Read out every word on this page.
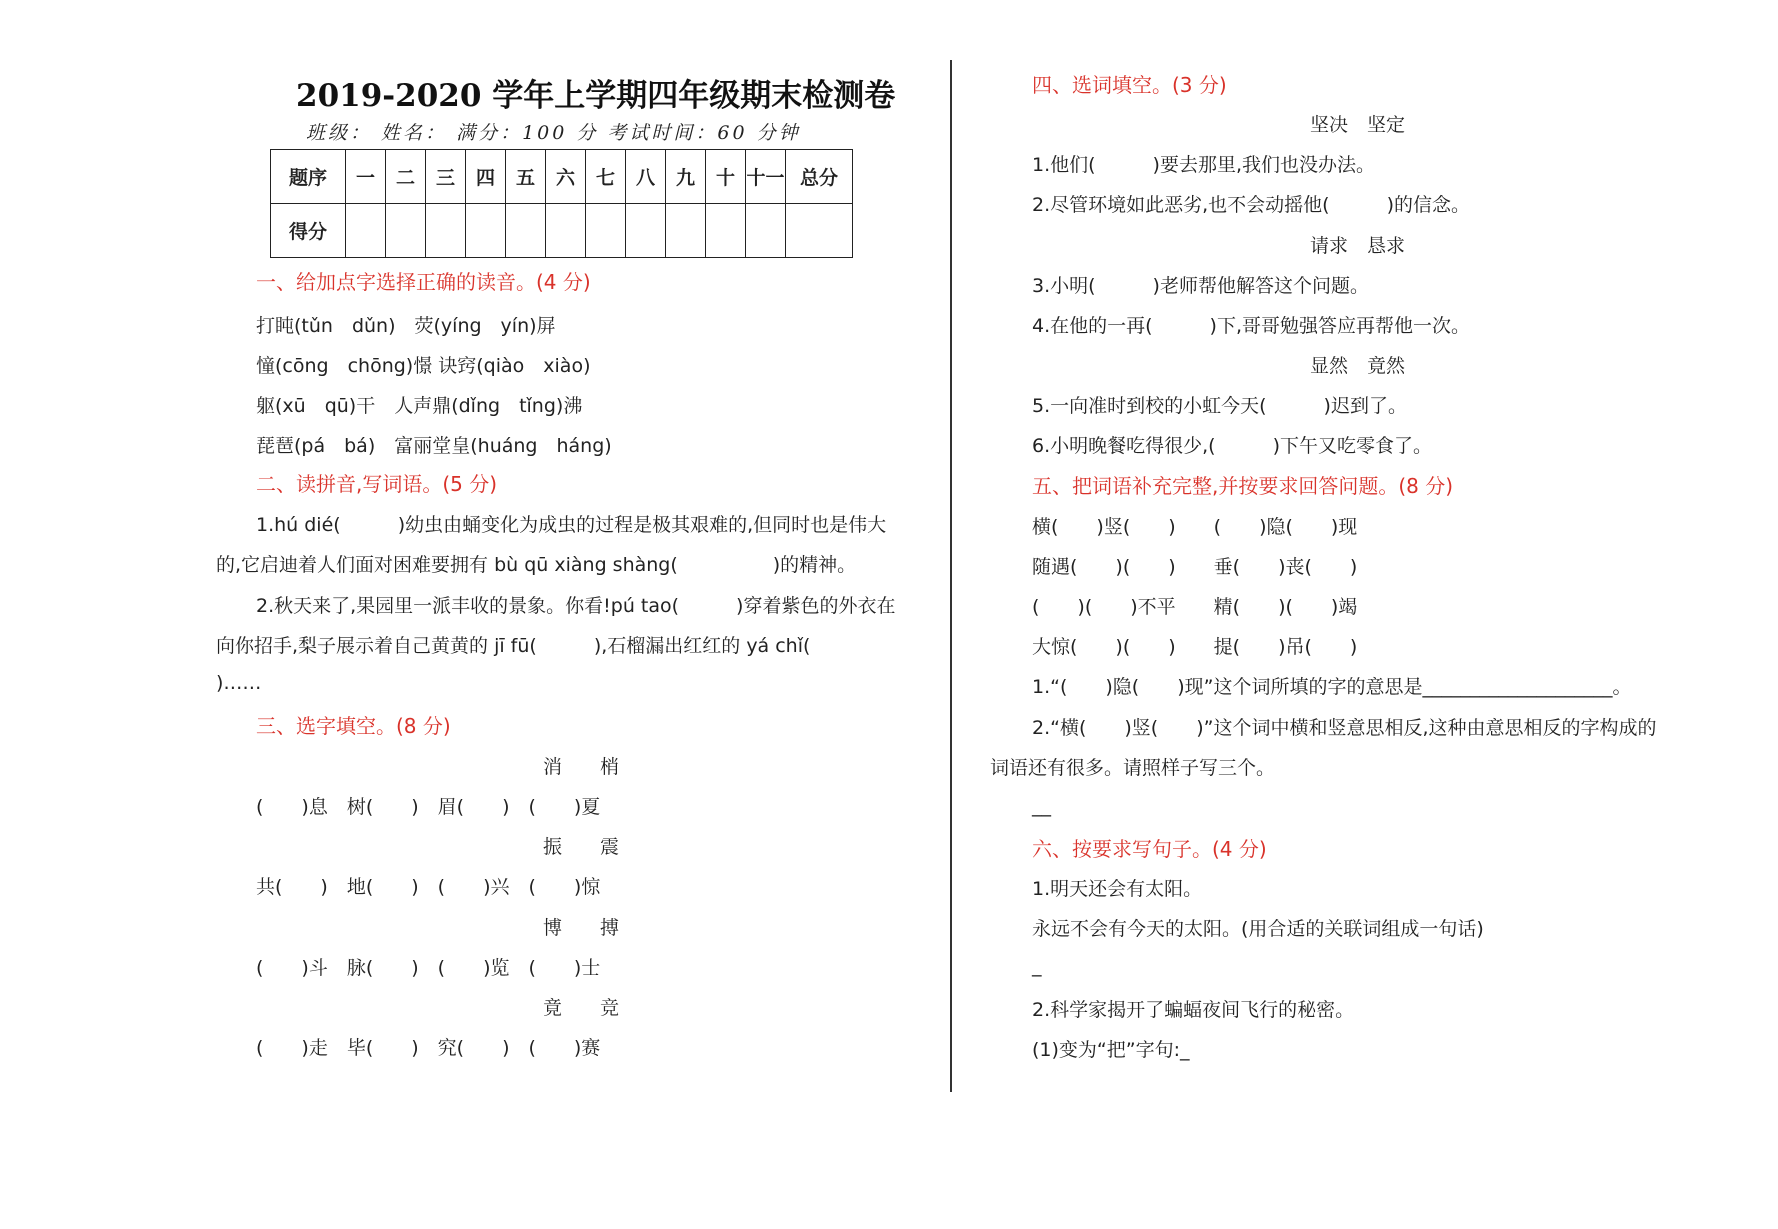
2019-2020 学年上学期四年级期末检测卷
班级： 姓名： 满分：100 分 考试时间：60 分钟
题序	一	二	三	四	五	六	七	八	九	十	十一	总分
得分												
一、给加点字选择正确的读音。(4 分)
打盹(tǔn　dǔn)　荧(yíng　yín)屏
憧(cōng　chōng)憬 诀窍(qiào　xiào)
躯(xū　qū)干　人声鼎(dǐng　tǐng)沸
琵琶(pá　bá)　富丽堂皇(huáng　háng)
二、读拼音,写词语。(5 分)
1.hú dié(　　　)幼虫由蛹变化为成虫的过程是极其艰难的,但同时也是伟大
的,它启迪着人们面对困难要拥有 bù qū xiàng shàng(　　　　　)的精神。
2.秋天来了,果园里一派丰收的景象。你看!pú tao(　　　)穿着紫色的外衣在
向你招手,梨子展示着自己黄黄的 jī fū(　　　),石榴漏出红红的 yá chǐ(
)……
三、选字填空。(8 分)
消　　梢
(　　)息　树(　　)　眉(　　)　(　　)夏
振　　震
共(　　)　地(　　)　(　　)兴　(　　)惊
博　　搏
(　　)斗　脉(　　)　(　　)览　(　　)士
竟　　竞
(　　)走　毕(　　)　究(　　)　(　　)赛
四、选词填空。(3 分)
坚决　坚定
1.他们(　　　)要去那里,我们也没办法。
2.尽管环境如此恶劣,也不会动摇他(　　　)的信念。
请求　恳求
3.小明(　　　)老师帮他解答这个问题。
4.在他的一再(　　　)下,哥哥勉强答应再帮他一次。
显然　竟然
5.一向准时到校的小虹今天(　　　)迟到了。
6.小明晚餐吃得很少,(　　　)下午又吃零食了。
五、把词语补充完整,并按要求回答问题。(8 分)
横(　　)竖(　　)　　(　　)隐(　　)现
随遇(　　)(　　)　　垂(　　)丧(　　)
(　　)(　　)不平　　精(　　)(　　)竭
大惊(　　)(　　)　　提(　　)吊(　　)
1.“(　　)隐(　　)现”这个词所填的字的意思是____________________。
2.“横(　　)竖(　　)”这个词中横和竖意思相反,这种由意思相反的字构成的
词语还有很多。请照样子写三个。
__
六、按要求写句子。(4 分)
1.明天还会有太阳。
永远不会有今天的太阳。(用合适的关联词组成一句话)
_
2.科学家揭开了蝙蝠夜间飞行的秘密。
(1)变为“把”字句:_
